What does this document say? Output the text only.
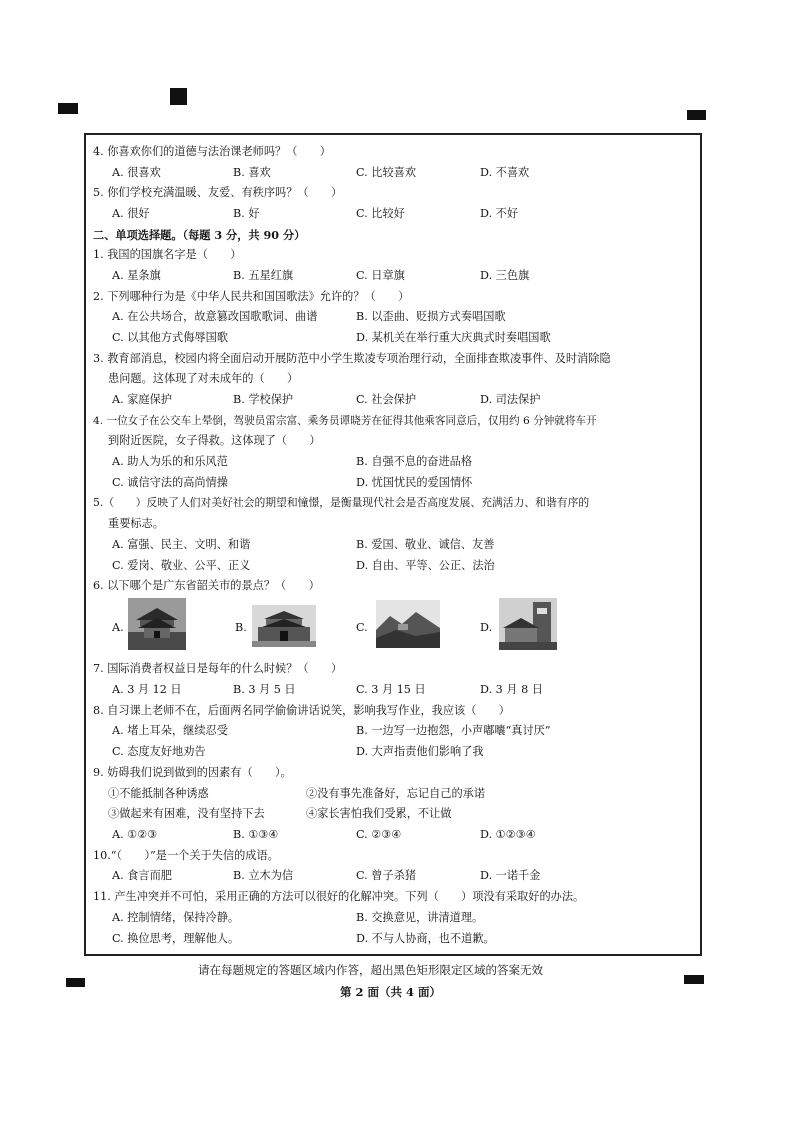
4. 你喜欢你们的道德与法治课老师吗？（　　）
A. 很喜欢	B. 喜欢	C. 比较喜欢	D. 不喜欢
5. 你们学校充满温暖、友爱、有秩序吗？（　　）
A. 很好	B. 好	C. 比较好	D. 不好
二、单项选择题。（每题 3 分，共 90 分）
1. 我国的国旗名字是（　　）
A. 星条旗	B. 五星红旗	C. 日章旗	D. 三色旗
2. 下列哪种行为是《中华人民共和国国歌法》允许的？（　　）
A. 在公共场合，故意篡改国歌歌词、曲谱	B. 以歪曲、贬损方式奏唱国歌
C. 以其他方式侮辱国歌	D. 某机关在举行重大庆典式时奏唱国歌
3. 教育部消息，校园内将全面启动开展防范中小学生欺凌专项治理行动，全面排查欺凌事件、及时消除隐
患问题。这体现了对未成年的（　　）
A. 家庭保护	B. 学校保护	C. 社会保护	D. 司法保护
4. 一位女子在公交车上晕倒，驾驶员雷宗富、乘务员谭晓芳在征得其他乘客同意后，仅用约 6 分钟就将车开
到附近医院，女子得救。这体现了（　　）
A. 助人为乐的和乐风范	B. 自强不息的奋进品格
C. 诚信守法的高尚情操	D. 忧国忧民的爱国情怀
5.（　　）反映了人们对美好社会的期望和憧憬，是衡量现代社会是否高度发展、充满活力、和谐有序的
重要标志。
A. 富强、民主、文明、和谐	B. 爱国、敬业、诚信、友善
C. 爱岗、敬业、公平、正义	D. 自由、平等、公正、法治
6. 以下哪个是广东省韶关市的景点？（　　）
A.	B.	C.	D.
7. 国际消费者权益日是每年的什么时候？（　　）
A. 3 月 12 日	B. 3 月 5 日	C. 3 月 15 日	D. 3 月 8 日
8. 自习课上老师不在，后面两名同学偷偷讲话说笑，影响我写作业，我应该（　　）
A. 堵上耳朵，继续忍受	B. 一边写一边抱怨，小声嘟囔“真讨厌”
C. 态度友好地劝告	D. 大声指责他们影响了我
9. 妨碍我们说到做到的因素有（　　）。
①不能抵制各种诱惑	②没有事先准备好，忘记自己的承诺
③做起来有困难，没有坚持下去	④家长害怕我们受累，不让做
A. ①②③	B. ①③④	C. ②③④	D. ①②③④
10.“（　　）”是一个关于失信的成语。
A. 食言而肥	B. 立木为信	C. 曾子杀猪	D. 一诺千金
11. 产生冲突并不可怕，采用正确的方法可以很好的化解冲突。下列（　　）项没有采取好的办法。
A. 控制情绪，保持冷静。	B. 交换意见，讲清道理。
C. 换位思考，理解他人。	D. 不与人协商，也不道歉。
请在每题规定的答题区域内作答，超出黑色矩形限定区域的答案无效
第 2 面（共 4 面）
